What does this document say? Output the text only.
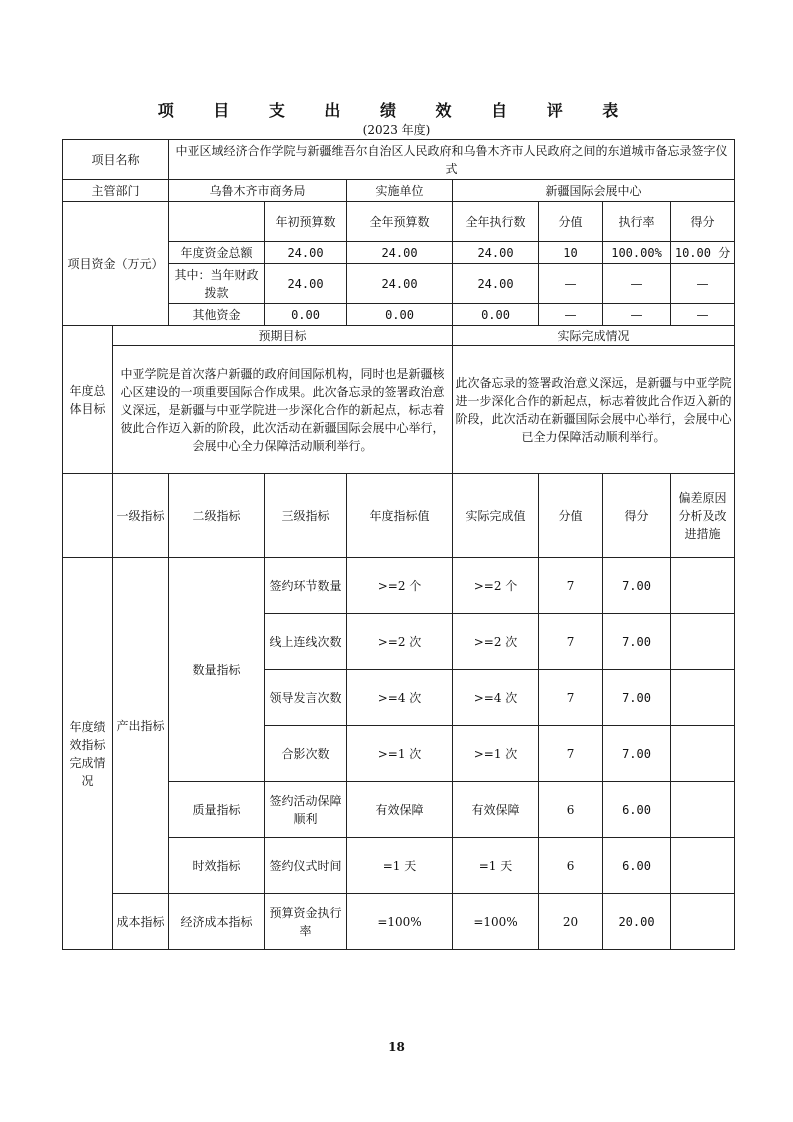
项 目 支 出 绩 效 自 评 表
(2023 年度)
项目名称		中亚区域经济合作学院与新疆维吾尔自治区人民政府和乌鲁木齐市人民政府之间的东道城市备忘录签字仪式						
主管部门		乌鲁木齐市商务局		实施单位	新疆国际会展中心			
项目资金（万元）			年初预算数	全年预算数	全年执行数	分值	执行率	得分
		年度资金总额	24.00	24.00	24.00	10	100.00%	10.00 分
		其中：当年财政拨款	24.00	24.00	24.00	—	—	—
		其他资金	0.00	0.00	0.00	—	—	—
年度总体目标	预期目标				实际完成情况			
	中亚学院是首次落户新疆的政府间国际机构，同时也是新疆核心区建设的一项重要国际合作成果。此次备忘录的签署政治意义深远，是新疆与中亚学院进一步深化合作的新起点，标志着彼此合作迈入新的阶段，此次活动在新疆国际会展中心举行，会展中心全力保障活动顺利举行。				此次备忘录的签署政治意义深远，是新疆与中亚学院进一步深化合作的新起点，标志着彼此合作迈入新的阶段，此次活动在新疆国际会展中心举行，会展中心已全力保障活动顺利举行。			
	一级指标	二级指标	三级指标	年度指标值	实际完成值	分值	得分	偏差原因分析及改进措施
年度绩效指标完成情况	产出指标	数量指标	签约环节数量	>=2 个	>=2 个	7	7.00	
			线上连线次数	>=2 次	>=2 次	7	7.00	
			领导发言次数	>=4 次	>=4 次	7	7.00	
			合影次数	>=1 次	>=1 次	7	7.00	
		质量指标	签约活动保障顺利	有效保障	有效保障	6	6.00	
		时效指标	签约仪式时间	=1 天	=1 天	6	6.00	
	成本指标	经济成本指标	预算资金执行率	=100%	=100%	20	20.00	
18
